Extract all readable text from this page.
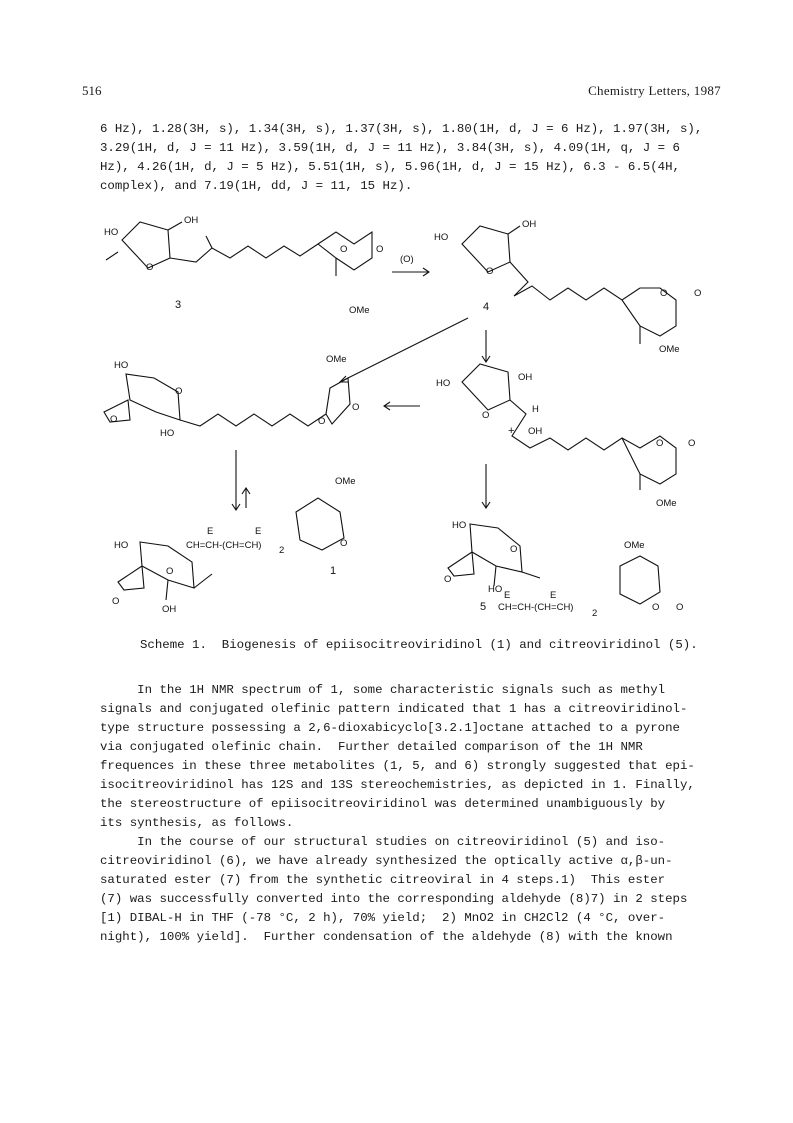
516	Chemistry Letters, 1987
6 Hz), 1.28(3H, s), 1.34(3H, s), 1.37(3H, s), 1.80(1H, d, J = 6 Hz), 1.97(3H, s),
3.29(1H, d, J = 11 Hz), 3.59(1H, d, J = 11 Hz), 3.84(3H, s), 4.09(1H, q, J = 6
Hz), 4.26(1H, d, J = 5 Hz), 5.51(1H, s), 5.96(1H, d, J = 15 Hz), 6.3 - 6.5(4H,
complex), and 7.19(1H, dd, J = 11, 15 Hz).
HO
OH
O
O	O
OMe
3
(O)
HO
OH
O
O	O
OMe
4
HO
O
O
HO
OMe
O
O
HO
OH
O
H
OH
+
O	O
OMe
HO
O
O
OH
E	E
CH=CH-(CH=CH) 2
OMe
O
1
HO
O
O
HO
E	E
CH=CH-(CH=CH)
2
OMe
O O
5
Scheme 1.  Biogenesis of epiisocitreoviridinol (1) and citreoviridinol (5).
In the 1H NMR spectrum of 1, some characteristic signals such as methyl
signals and conjugated olefinic pattern indicated that 1 has a citreoviridinol-
type structure possessing a 2,6-dioxabicyclo[3.2.1]octane attached to a pyrone
via conjugated olefinic chain.  Further detailed comparison of the 1H NMR
frequences in these three metabolites (1, 5, and 6) strongly suggested that epi-
isocitreoviridinol has 12S and 13S stereochemistries, as depicted in 1. Finally,
the stereostructure of epiisocitreoviridinol was determined unambiguously by
its synthesis, as follows.
In the course of our structural studies on citreoviridinol (5) and iso-
citreoviridinol (6), we have already synthesized the optically active α,β-un-
saturated ester (7) from the synthetic citreoviral in 4 steps.1)  This ester
(7) was successfully converted into the corresponding aldehyde (8)7) in 2 steps
[1) DIBAL-H in THF (-78 °C, 2 h), 70% yield;  2) MnO2 in CH2Cl2 (4 °C, over-
night), 100% yield].  Further condensation of the aldehyde (8) with the known
